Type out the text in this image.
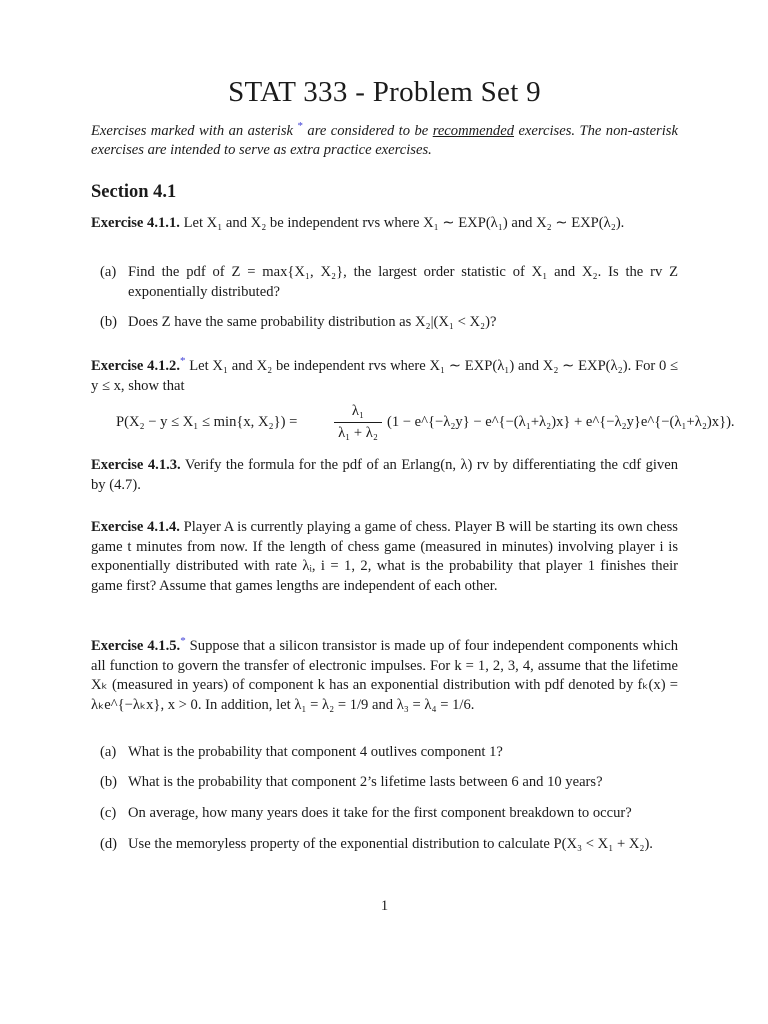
STAT 333 - Problem Set 9
Exercises marked with an asterisk * are considered to be recommended exercises. The non-asterisk exercises are intended to serve as extra practice exercises.
Section 4.1
Exercise 4.1.1. Let X₁ and X₂ be independent rvs where X₁ ∼ EXP(λ₁) and X₂ ∼ EXP(λ₂).
(a) Find the pdf of Z = max{X₁, X₂}, the largest order statistic of X₁ and X₂. Is the rv Z exponentially distributed?
(b) Does Z have the same probability distribution as X₂|(X₁ < X₂)?
Exercise 4.1.2.* Let X₁ and X₂ be independent rvs where X₁ ∼ EXP(λ₁) and X₂ ∼ EXP(λ₂). For 0 ≤ y ≤ x, show that
P(X₂ − y ≤ X₁ ≤ min{x, X₂}) =	$\frac{\text{λ₁}}{\text{λ₁ + λ₂}} (1$ − e^{−λ₂y} − e^{−(λ₁+λ₂)x} + e^{−λ₂y}e^{−(λ₁+λ₂)x}).
Exercise 4.1.3. Verify the formula for the pdf of an Erlang(n, λ) rv by differentiating the cdf given by (4.7).
Exercise 4.1.4. Player A is currently playing a game of chess. Player B will be starting its own chess game t minutes from now. If the length of chess game (measured in minutes) involving player i is exponentially distributed with rate λᵢ, i = 1, 2, what is the probability that player 1 finishes their game first? Assume that games lengths are independent of each other.
Exercise 4.1.5.* Suppose that a silicon transistor is made up of four independent components which all function to govern the transfer of electronic impulses. For k = 1, 2, 3, 4, assume that the lifetime Xₖ (measured in years) of component k has an exponential distribution with pdf denoted by fₖ(x) = λₖe^{−λₖx}, x > 0. In addition, let λ₁ = λ₂ = 1/9 and λ₃ = λ₄ = 1/6.
(a) What is the probability that component 4 outlives component 1?
(b) What is the probability that component 2’s lifetime lasts between 6 and 10 years?
(c) On average, how many years does it take for the first component breakdown to occur?
(d) Use the memoryless property of the exponential distribution to calculate P(X₃ < X₁ + X₂).
1
